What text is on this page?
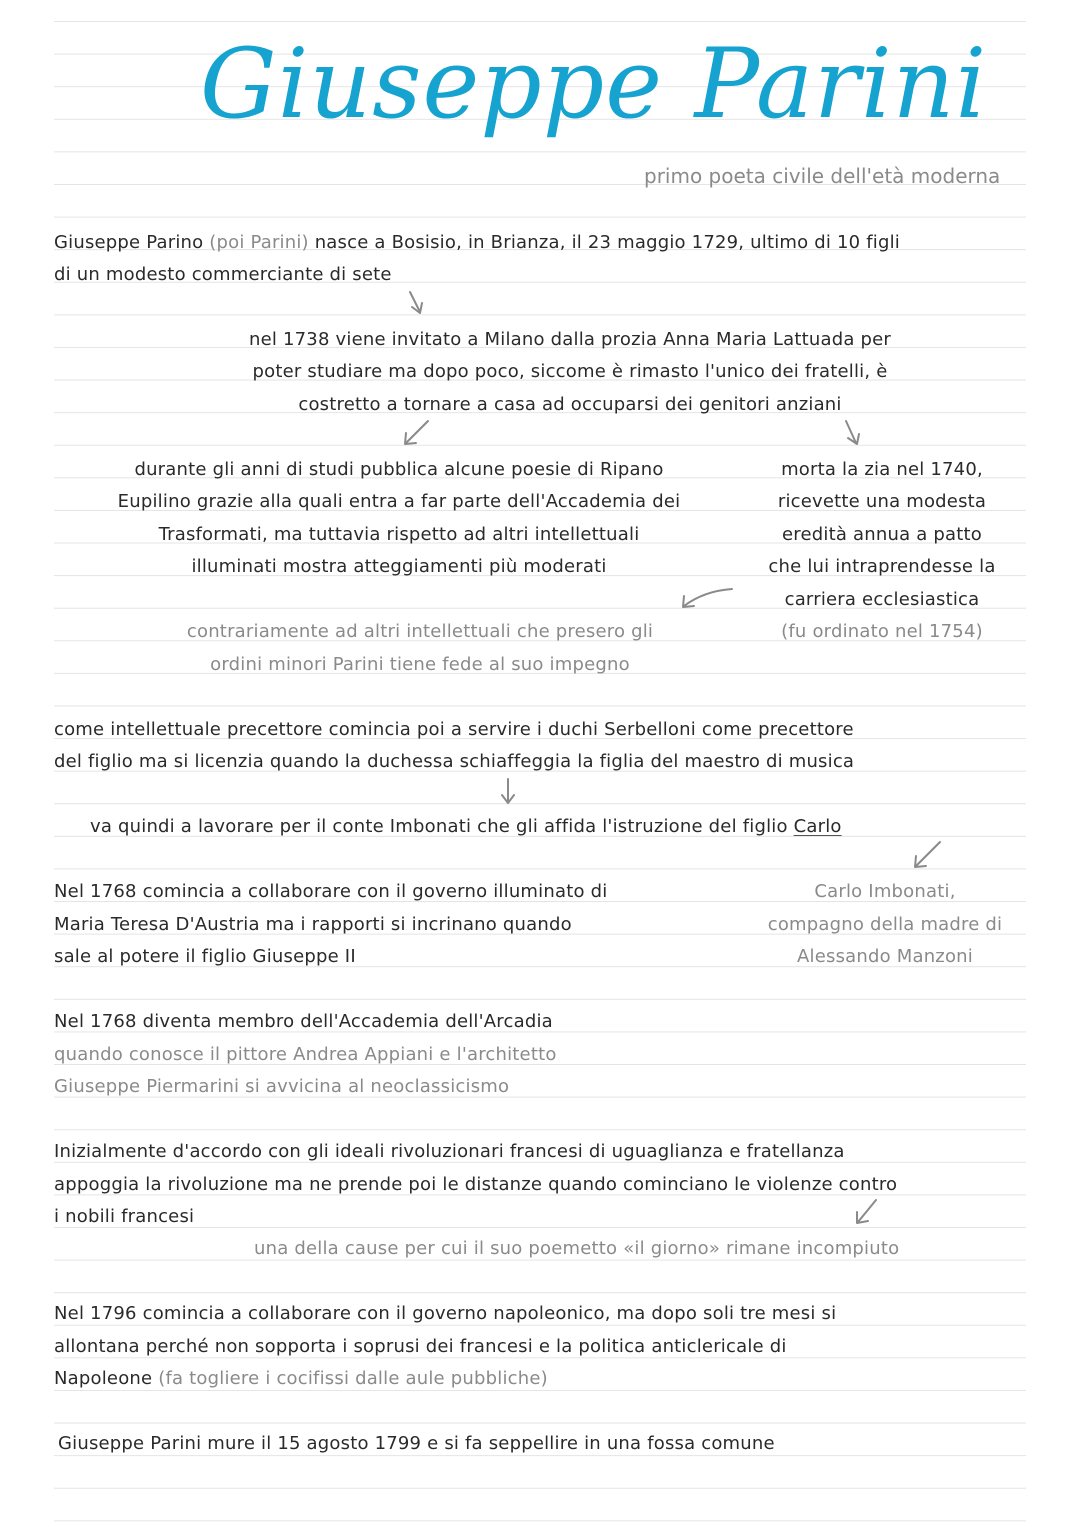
Giuseppe Parini
primo poeta civile dell'età moderna
Giuseppe Parino (poi Parini) nasce a Bosisio, in Brianza, il 23 maggio 1729, ultimo di 10 figli
di un modesto commerciante di sete
nel 1738 viene invitato a Milano dalla prozia Anna Maria Lattuada per
poter studiare ma dopo poco, siccome è rimasto l'unico dei fratelli, è
costretto a tornare a casa ad occuparsi dei genitori anziani
durante gli anni di studi pubblica alcune poesie di Ripano
Eupilino grazie alla quali entra a far parte dell'Accademia dei
Trasformati, ma tuttavia rispetto ad altri intellettuali
illuminati mostra atteggiamenti più moderati
morta la zia nel 1740,
ricevette una modesta
eredità annua a patto
che lui intraprendesse la
carriera ecclesiastica
(fu ordinato nel 1754)
contrariamente ad altri intellettuali che presero gli
ordini minori Parini tiene fede al suo impegno
come intellettuale precettore comincia poi a servire i duchi Serbelloni come precettore
del figlio ma si licenzia quando la duchessa schiaffeggia la figlia del maestro di musica
va quindi a lavorare per il conte Imbonati che gli affida l'istruzione del figlio Carlo
Nel 1768 comincia a collaborare con il governo illuminato di
Maria Teresa D'Austria ma i rapporti si incrinano quando
sale al potere il figlio Giuseppe II
Carlo Imbonati,
compagno della madre di
Alessando Manzoni
Nel 1768 diventa membro dell'Accademia dell'Arcadia
quando conosce il pittore Andrea Appiani e l'architetto
Giuseppe Piermarini si avvicina al neoclassicismo
Inizialmente d'accordo con gli ideali rivoluzionari francesi di uguaglianza e fratellanza
appoggia la rivoluzione ma ne prende poi le distanze quando cominciano le violenze contro
i nobili francesi
una della cause per cui il suo poemetto «il giorno» rimane incompiuto
Nel 1796 comincia a collaborare con il governo napoleonico, ma dopo soli tre mesi si
allontana perché non sopporta i soprusi dei francesi e la politica anticlericale di
Napoleone (fa togliere i cocifissi dalle aule pubbliche)
Giuseppe Parini mure il 15 agosto 1799 e si fa seppellire in una fossa comune
